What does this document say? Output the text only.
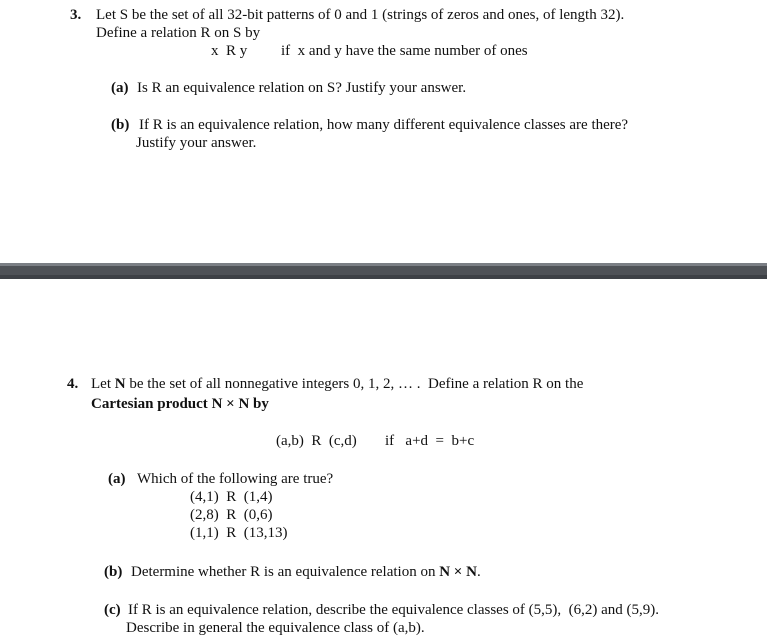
3. Let S be the set of all 32-bit patterns of 0 and 1 (strings of zeros and ones, of length 32).
Define a relation R on S by
x  R y if  x and y have the same number of ones
(a) Is R an equivalence relation on S? Justify your answer.
(b) If R is an equivalence relation, how many different equivalence classes are there?
Justify your answer.
4. Let N be the set of all nonnegative integers 0, 1, 2, … .  Define a relation R on the
Cartesian product N × N by
(a,b)  R  (c,d) if   a+d  =  b+c
(a) Which of the following are true?
(4,1)  R  (1,4)
(2,8)  R  (0,6)
(1,1)  R  (13,13)
(b) Determine whether R is an equivalence relation on N × N.
(c) If R is an equivalence relation, describe the equivalence classes of (5,5),  (6,2) and (5,9).
Describe in general the equivalence class of (a,b).
